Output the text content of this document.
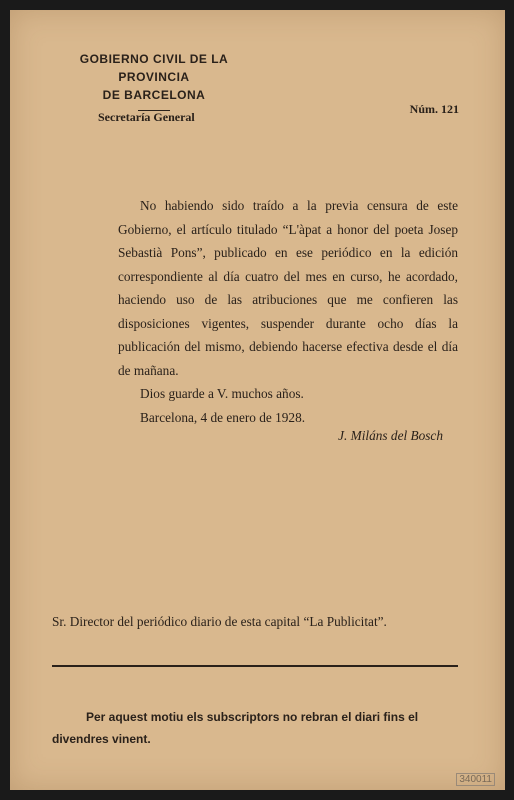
GOBIERNO CIVIL DE LA PROVINCIA
DE BARCELONA
Secretaría General
Núm. 121

No habiendo sido traído a la previa censura de este Gobierno, el artículo titulado “L'àpat a honor del poeta Josep Sebastià Pons”, publicado en ese periódico en la edición correspondiente al día cuatro del mes en curso, he acordado, haciendo uso de las atribuciones que me confieren las disposiciones vigentes, suspender durante ocho días la publicación del mismo, debiendo hacerse efectiva desde el día de mañana.

Dios guarde a V. muchos años.
Barcelona, 4 de enero de 1928.
J. Miláns del Bosch
Sr. Director del periódico diario de esta capital “La Publicitat”.
Per aquest motiu els subscriptors no rebran el diari fins el
divendres vinent.
340011
